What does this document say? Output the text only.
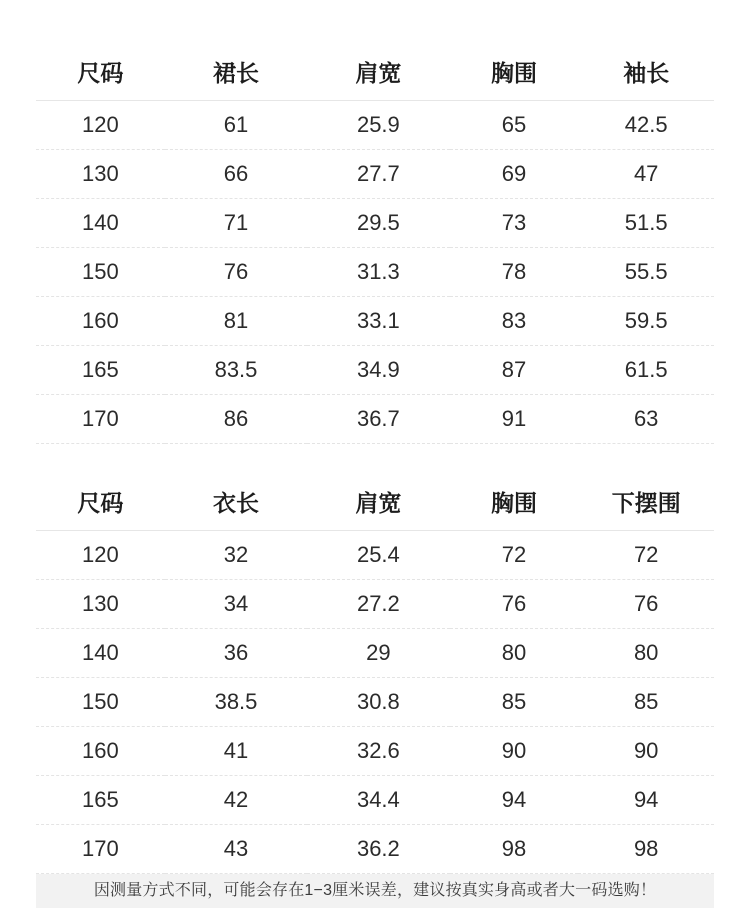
尺码	裙长	肩宽	胸围	袖长
120	61	25.9	65	42.5
130	66	27.7	69	47
140	71	29.5	73	51.5
150	76	31.3	78	55.5
160	81	33.1	83	59.5
165	83.5	34.9	87	61.5
170	86	36.7	91	63
尺码	衣长	肩宽	胸围	下摆围
120	32	25.4	72	72
130	34	27.2	76	76
140	36	29	80	80
150	38.5	30.8	85	85
160	41	32.6	90	90
165	42	34.4	94	94
170	43	36.2	98	98
因测量方式不同，可能会存在1−3厘米误差，建议按真实身高或者大一码选购！
